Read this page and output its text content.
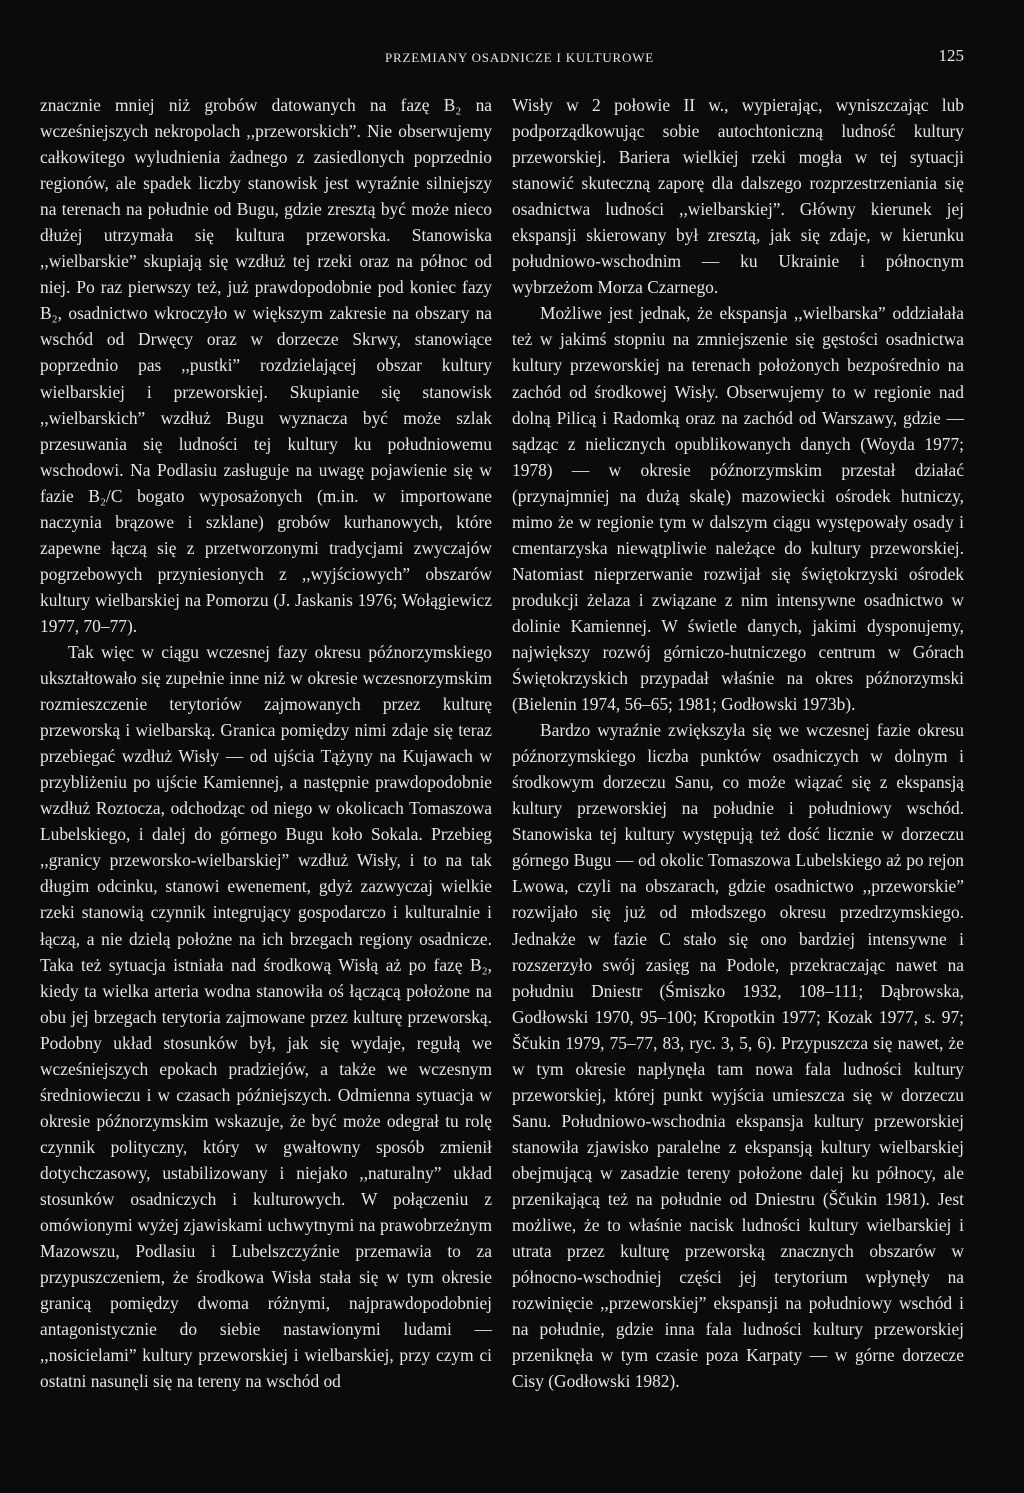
PRZEMIANY OSADNICZE I KULTUROWE	125

znacznie mniej niż grobów datowanych na fazę B₂ na wcześniejszych nekropolach ,,przeworskich”. Nie obserwujemy całkowitego wyludnienia żadnego z zasiedlonych poprzednio regionów, ale spadek liczby stanowisk jest wyraźnie silniejszy na terenach na południe od Bugu, gdzie zresztą być może nieco dłużej utrzymała się kultura przeworska. Stanowiska ,,wielbarskie” skupiają się wzdłuż tej rzeki oraz na północ od niej. Po raz pierwszy też, już prawdopodobnie pod koniec fazy B₂, osadnictwo wkroczyło w większym zakresie na obszary na wschód od Drwęcy oraz w dorzecze Skrwy, stanowiące poprzednio pas ,,pustki” rozdzielającej obszar kultury wielbarskiej i przeworskiej. Skupianie się stanowisk ,,wielbarskich” wzdłuż Bugu wyznacza być może szlak przesuwania się ludności tej kultury ku południowemu wschodowi. Na Podlasiu zasługuje na uwagę pojawienie się w fazie B₂/C bogato wyposażonych (m.in. w importowane naczynia brązowe i szklane) grobów kurhanowych, które zapewne łączą się z przetworzonymi tradycjami zwyczajów pogrzebowych przyniesionych z ,,wyjściowych” obszarów kultury wielbarskiej na Pomorzu (J. Jaskanis 1976; Wołągiewicz 1977, 70–77).

Tak więc w ciągu wczesnej fazy okresu późnorzymskiego ukształtowało się zupełnie inne niż w okresie wczesnorzymskim rozmieszczenie terytoriów zajmowanych przez kulturę przeworską i wielbarską. Granica pomiędzy nimi zdaje się teraz przebiegać wzdłuż Wisły — od ujścia Tążyny na Kujawach w przybliżeniu po ujście Kamiennej, a następnie prawdopodobnie wzdłuż Roztocza, odchodząc od niego w okolicach Tomaszowa Lubelskiego, i dalej do górnego Bugu koło Sokala. Przebieg ,,granicy przeworsko-wielbarskiej” wzdłuż Wisły, i to na tak długim odcinku, stanowi ewenement, gdyż zazwyczaj wielkie rzeki stanowią czynnik integrujący gospodarczo i kulturalnie i łączą, a nie dzielą położne na ich brzegach regiony osadnicze. Taka też sytuacja istniała nad środkową Wisłą aż po fazę B₂, kiedy ta wielka arteria wodna stanowiła oś łączącą położone na obu jej brzegach terytoria zajmowane przez kulturę przeworską. Podobny układ stosunków był, jak się wydaje, regułą we wcześniejszych epokach pradziejów, a także we wczesnym średniowieczu i w czasach późniejszych. Odmienna sytuacja w okresie późnorzymskim wskazuje, że być może odegrał tu rolę czynnik polityczny, który w gwałtowny sposób zmienił dotychczasowy, ustabilizowany i niejako ,,naturalny” układ stosunków osadniczych i kulturowych. W połączeniu z omówionymi wyżej zjawiskami uchwytnymi na prawobrzeżnym Mazowszu, Podlasiu i Lubelszczyźnie przemawia to za przypuszczeniem, że środkowa Wisła stała się w tym okresie granicą pomiędzy dwoma różnymi, najprawdopodobniej antagonistycznie do siebie nastawionymi ludami — ,,nosicielami” kultury przeworskiej i wielbarskiej, przy czym ci ostatni nasunęli się na tereny na wschód od

Wisły w 2 połowie II w., wypierając, wyniszczając lub podporządkowując sobie autochtoniczną ludność kultury przeworskiej. Bariera wielkiej rzeki mogła w tej sytuacji stanowić skuteczną zaporę dla dalszego rozprzestrzeniania się osadnictwa ludności ,,wielbarskiej”. Główny kierunek jej ekspansji skierowany był zresztą, jak się zdaje, w kierunku południowo-wschodnim — ku Ukrainie i północnym wybrzeżom Morza Czarnego.

Możliwe jest jednak, że ekspansja ,,wielbarska” oddziałała też w jakimś stopniu na zmniejszenie się gęstości osadnictwa kultury przeworskiej na terenach położonych bezpośrednio na zachód od środkowej Wisły. Obserwujemy to w regionie nad dolną Pilicą i Radomką oraz na zachód od Warszawy, gdzie — sądząc z nielicznych opublikowanych danych (Woyda 1977; 1978) — w okresie późnorzymskim przestał działać (przynajmniej na dużą skalę) mazowiecki ośrodek hutniczy, mimo że w regionie tym w dalszym ciągu występowały osady i cmentarzyska niewątpliwie należące do kultury przeworskiej. Natomiast nieprzerwanie rozwijał się świętokrzyski ośrodek produkcji żelaza i związane z nim intensywne osadnictwo w dolinie Kamiennej. W świetle danych, jakimi dysponujemy, największy rozwój górniczo-hutniczego centrum w Górach Świętokrzyskich przypadał właśnie na okres późnorzymski (Bielenin 1974, 56–65; 1981; Godłowski 1973b).

Bardzo wyraźnie zwiększyła się we wczesnej fazie okresu późnorzymskiego liczba punktów osadniczych w dolnym i środkowym dorzeczu Sanu, co może wiązać się z ekspansją kultury przeworskiej na południe i południowy wschód. Stanowiska tej kultury występują też dość licznie w dorzeczu górnego Bugu — od okolic Tomaszowa Lubelskiego aż po rejon Lwowa, czyli na obszarach, gdzie osadnictwo ,,przeworskie” rozwijało się już od młodszego okresu przedrzymskiego. Jednakże w fazie C stało się ono bardziej intensywne i rozszerzyło swój zasięg na Podole, przekraczając nawet na południu Dniestr (Śmiszko 1932, 108–111; Dąbrowska, Godłowski 1970, 95–100; Kropotkin 1977; Kozak 1977, s. 97; Ščukin 1979, 75–77, 83, ryc. 3, 5, 6). Przypuszcza się nawet, że w tym okresie napłynęła tam nowa fala ludności kultury przeworskiej, której punkt wyjścia umieszcza się w dorzeczu Sanu. Południowo-wschodnia ekspansja kultury przeworskiej stanowiła zjawisko paralelne z ekspansją kultury wielbarskiej obejmującą w zasadzie tereny położone dalej ku północy, ale przenikającą też na południe od Dniestru (Ščukin 1981). Jest możliwe, że to właśnie nacisk ludności kultury wielbarskiej i utrata przez kulturę przeworską znacznych obszarów w północno-wschodniej części jej terytorium wpłynęły na rozwinięcie ,,przeworskiej” ekspansji na południowy wschód i na południe, gdzie inna fala ludności kultury przeworskiej przeniknęła w tym czasie poza Karpaty — w górne dorzecze Cisy (Godłowski 1982).
